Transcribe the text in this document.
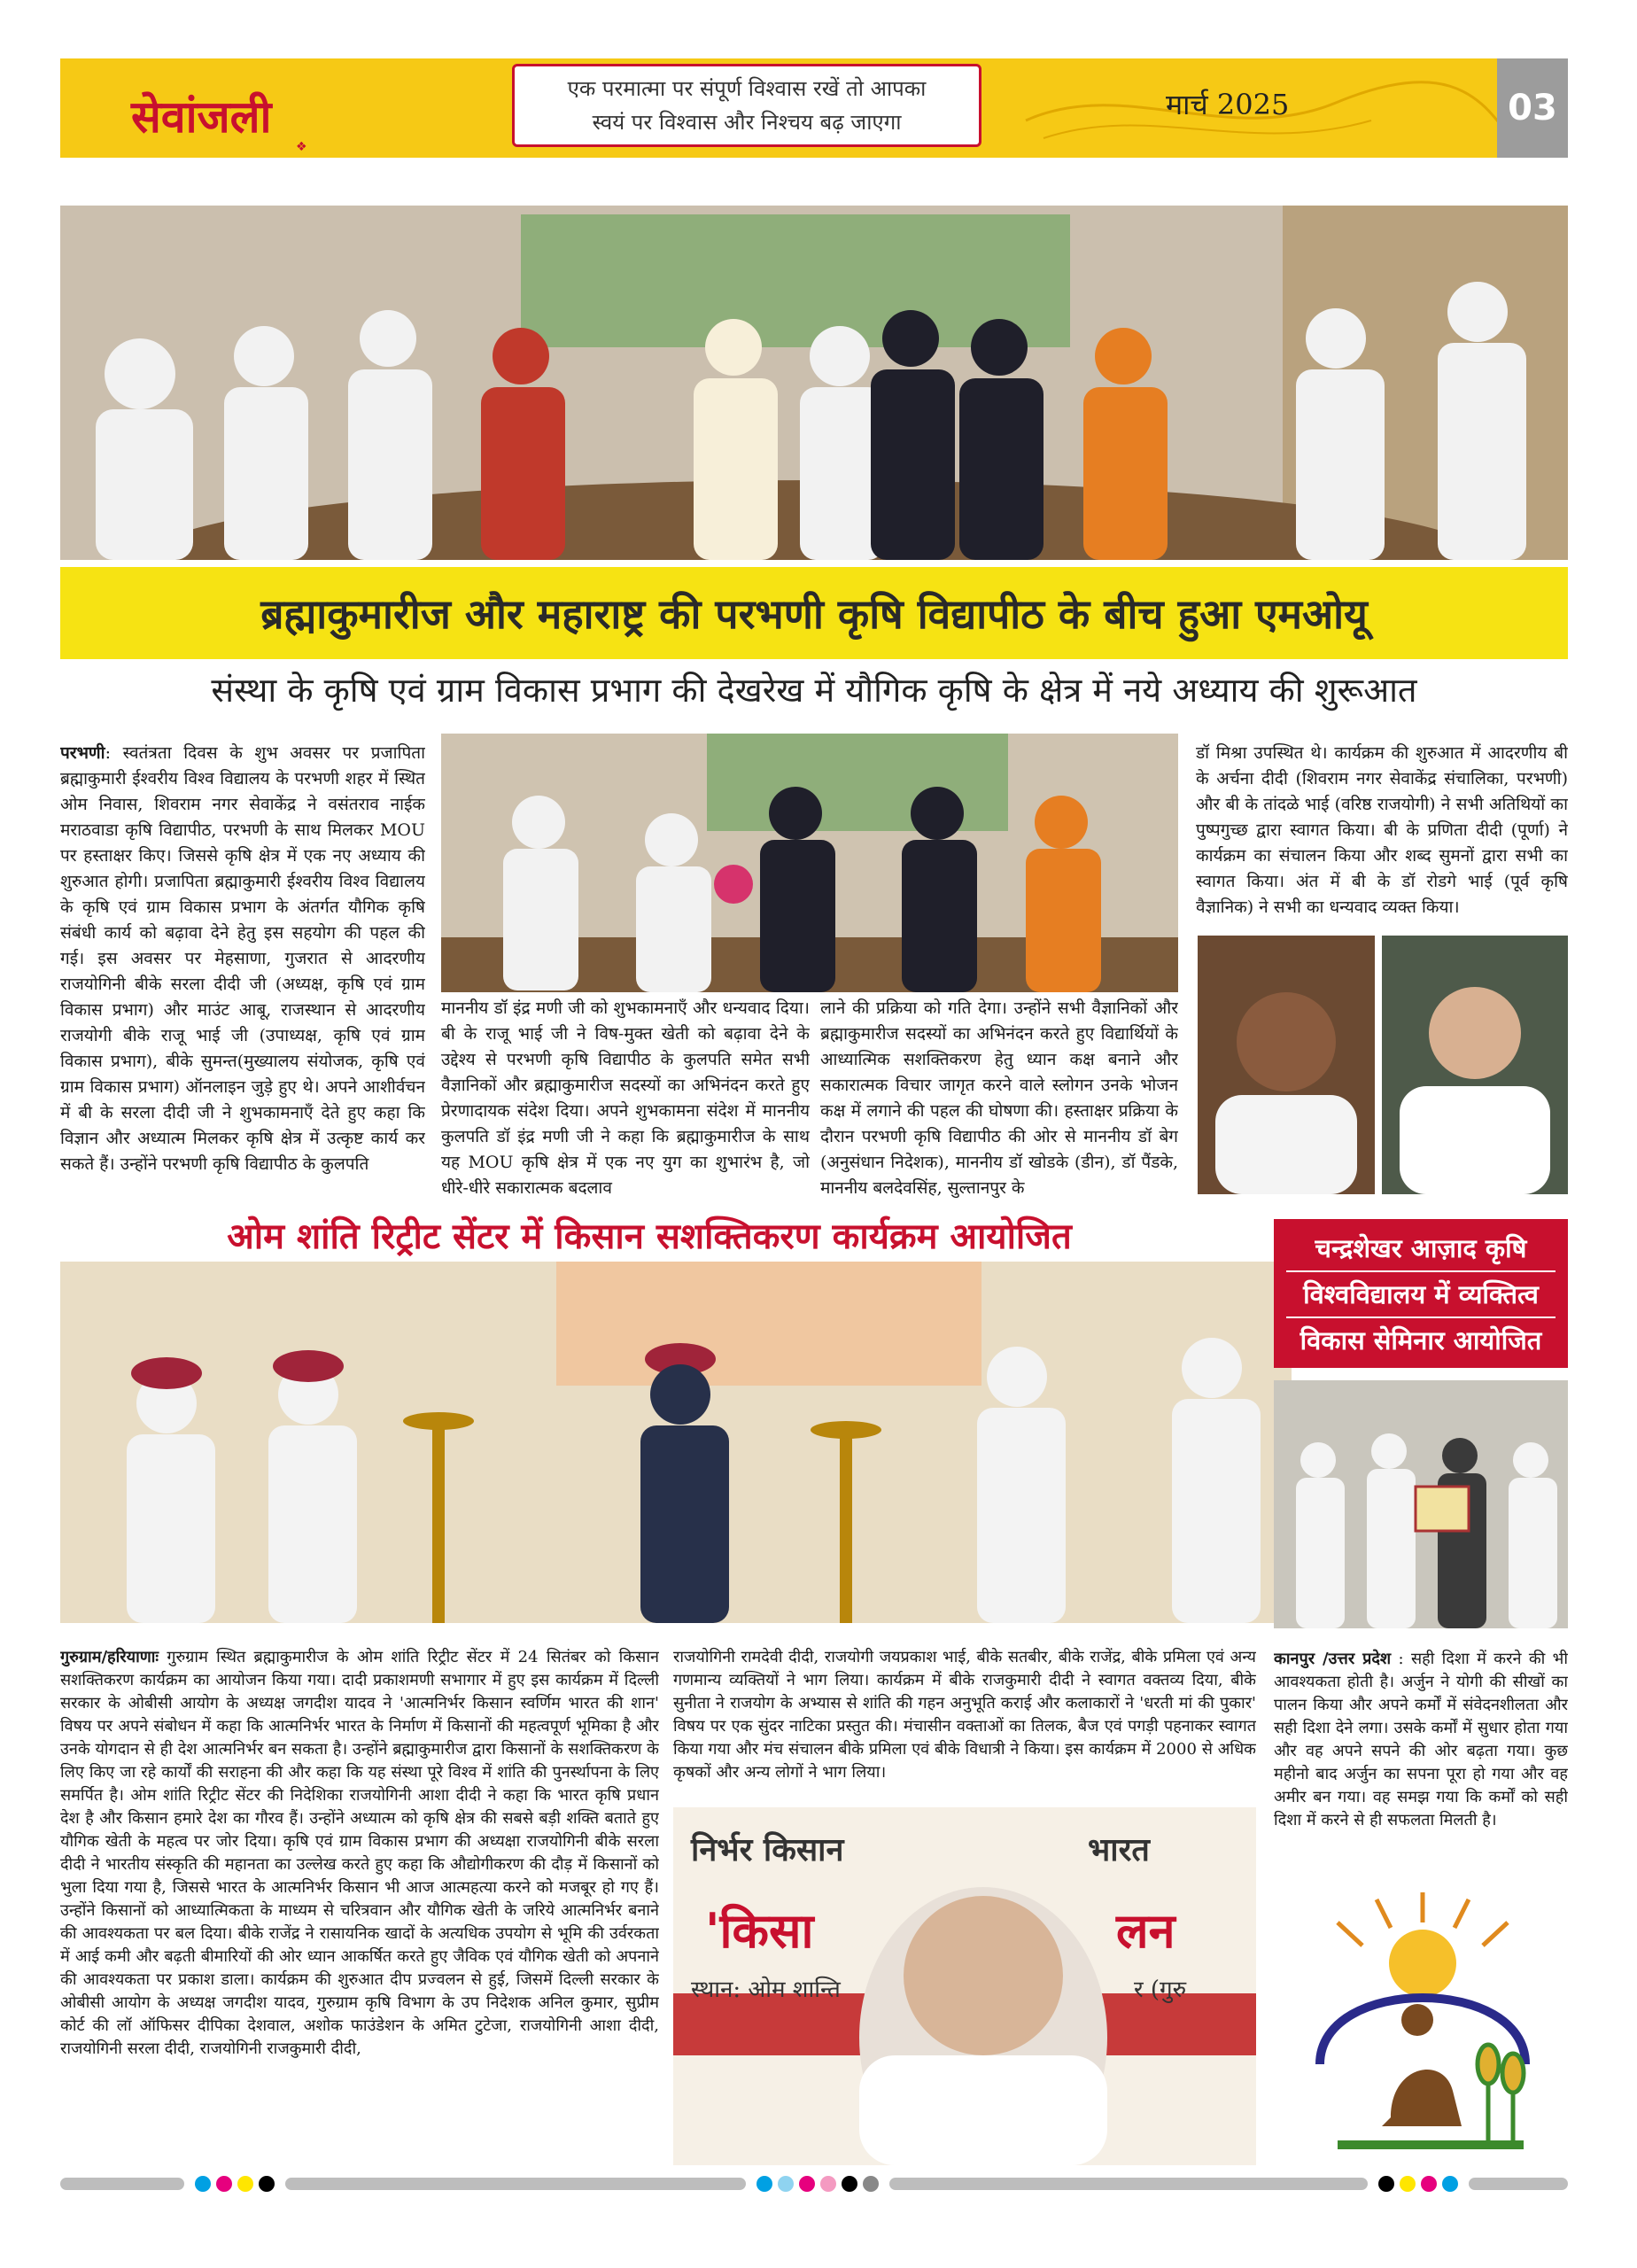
सेवांजली
❖
एक परमात्मा पर संपूर्ण विश्वास रखें तो आपका
स्वयं पर विश्वास और निश्चय बढ़ जाएगा
मार्च 2025	03
ब्रह्माकुमारीज और महाराष्ट्र की परभणी कृषि विद्यापीठ के बीच हुआ एमओयू
संस्था के कृषि एवं ग्राम विकास प्रभाग की देखरेख में यौगिक कृषि के क्षेत्र में नये अध्याय की शुरूआत
परभणी: स्वतंत्रता दिवस के शुभ अवसर पर प्रजापिता ब्रह्माकुमारी ईश्वरीय विश्व विद्यालय के परभणी शहर में स्थित ओम निवास, शिवराम नगर सेवाकेंद्र ने वसंतराव नाईक मराठवाडा कृषि विद्यापीठ, परभणी के साथ मिलकर MOU पर हस्ताक्षर किए। जिससे कृषि क्षेत्र में एक नए अध्याय की शुरुआत होगी। प्रजापिता ब्रह्माकुमारी ईश्वरीय विश्व विद्यालय के कृषि एवं ग्राम विकास प्रभाग के अंतर्गत यौगिक कृषि संबंधी कार्य को बढ़ावा देने हेतु इस सहयोग की पहल की गई। इस अवसर पर मेहसाणा, गुजरात से आदरणीय राजयोगिनी बीके सरला दीदी जी (अध्यक्ष, कृषि एवं ग्राम विकास प्रभाग) और माउंट आबू, राजस्थान से आदरणीय राजयोगी बीके राजू भाई जी (उपाध्यक्ष, कृषि एवं ग्राम विकास प्रभाग), बीके सुमन्त(मुख्यालय संयोजक, कृषि एवं ग्राम विकास प्रभाग) ऑनलाइन जुड़े हुए थे। अपने आशीर्वचन में बी के सरला दीदी जी ने शुभकामनाएँ देते हुए कहा कि विज्ञान और अध्यात्म मिलकर कृषि क्षेत्र में उत्कृष्ट कार्य कर सकते हैं। उन्होंने परभणी कृषि विद्यापीठ के कुलपति
माननीय डॉ इंद्र मणी जी को शुभकामनाएँ और धन्यवाद दिया। बी के राजू भाई जी ने विष-मुक्त खेती को बढ़ावा देने के उद्देश्य से परभणी कृषि विद्यापीठ के कुलपति समेत सभी वैज्ञानिकों और ब्रह्माकुमारीज सदस्यों का अभिनंदन करते हुए प्रेरणादायक संदेश दिया। अपने शुभकामना संदेश में माननीय कुलपति डॉ इंद्र मणी जी ने कहा कि ब्रह्माकुमारीज के साथ यह MOU कृषि क्षेत्र में एक नए युग का शुभारंभ है, जो धीरे-धीरे सकारात्मक बदलाव
लाने की प्रक्रिया को गति देगा। उन्होंने सभी वैज्ञानिकों और ब्रह्माकुमारीज सदस्यों का अभिनंदन करते हुए विद्यार्थियों के आध्यात्मिक सशक्तिकरण हेतु ध्यान कक्ष बनाने और सकारात्मक विचार जागृत करने वाले स्लोगन उनके भोजन कक्ष में लगाने की पहल की घोषणा की। हस्ताक्षर प्रक्रिया के दौरान परभणी कृषि विद्यापीठ की ओर से माननीय डॉ बेग (अनुसंधान निदेशक), माननीय डॉ खोडके (डीन), डॉ पैंडके, माननीय बलदेवसिंह, सुल्तानपुर के
डॉ मिश्रा उपस्थित थे। कार्यक्रम की शुरुआत में आदरणीय बी के अर्चना दीदी (शिवराम नगर सेवाकेंद्र संचालिका, परभणी) और बी के तांदळे भाई (वरिष्ठ राजयोगी) ने सभी अतिथियों का पुष्पगुच्छ द्वारा स्वागत किया। बी के प्रणिता दीदी (पूर्णा) ने कार्यक्रम का संचालन किया और शब्द सुमनों द्वारा सभी का स्वागत किया। अंत में बी के डॉ रोडगे भाई (पूर्व कृषि वैज्ञानिक) ने सभी का धन्यवाद व्यक्त किया।
ओम शांति रिट्रीट सेंटर में किसान सशक्तिकरण कार्यक्रम आयोजित
गुरुग्राम/हरियाणाः गुरुग्राम स्थित ब्रह्माकुमारीज के ओम शांति रिट्रीट सेंटर में 24 सितंबर को किसान सशक्तिकरण कार्यक्रम का आयोजन किया गया। दादी प्रकाशमणी सभागार में हुए इस कार्यक्रम में दिल्ली सरकार के ओबीसी आयोग के अध्यक्ष जगदीश यादव ने 'आत्मनिर्भर किसान स्वर्णिम भारत की शान' विषय पर अपने संबोधन में कहा कि आत्मनिर्भर भारत के निर्माण में किसानों की महत्वपूर्ण भूमिका है और उनके योगदान से ही देश आत्मनिर्भर बन सकता है। उन्होंने ब्रह्माकुमारीज द्वारा किसानों के सशक्तिकरण के लिए किए जा रहे कार्यों की सराहना की और कहा कि यह संस्था पूरे विश्व में शांति की पुनर्स्थापना के लिए समर्पित है। ओम शांति रिट्रीट सेंटर की निदेशिका राजयोगिनी आशा दीदी ने कहा कि भारत कृषि प्रधान देश है और किसान हमारे देश का गौरव हैं। उन्होंने अध्यात्म को कृषि क्षेत्र की सबसे बड़ी शक्ति बताते हुए यौगिक खेती के महत्व पर जोर दिया। कृषि एवं ग्राम विकास प्रभाग की अध्यक्षा राजयोगिनी बीके सरला दीदी ने भारतीय संस्कृति की महानता का उल्लेख करते हुए कहा कि औद्योगीकरण की दौड़ में किसानों को भुला दिया गया है, जिससे भारत के आत्मनिर्भर किसान भी आज आत्महत्या करने को मजबूर हो गए हैं।उन्होंने किसानों को आध्यात्मिकता के माध्यम से चरित्रवान और यौगिक खेती के जरिये आत्मनिर्भर बनाने की आवश्यकता पर बल दिया। बीके राजेंद्र ने रासायनिक खादों के अत्यधिक उपयोग से भूमि की उर्वरकता में आई कमी और बढ़ती बीमारियों की ओर ध्यान आकर्षित करते हुए जैविक एवं यौगिक खेती को अपनाने की आवश्यकता पर प्रकाश डाला। कार्यक्रम की शुरुआत दीप प्रज्वलन से हुई, जिसमें दिल्ली सरकार के ओबीसी आयोग के अध्यक्ष जगदीश यादव, गुरुग्राम कृषि विभाग के उप निदेशक अनिल कुमार, सुप्रीम कोर्ट की लॉ ऑफिसर दीपिका देशवाल, अशोक फाउंडेशन के अमित टुटेजा, राजयोगिनी आशा दीदी, राजयोगिनी सरला दीदी, राजयोगिनी राजकुमारी दीदी,
राजयोगिनी रामदेवी दीदी, राजयोगी जयप्रकाश भाई, बीके सतबीर, बीके राजेंद्र, बीके प्रमिला एवं अन्य गणमान्य व्यक्तियों ने भाग लिया। कार्यक्रम में बीके राजकुमारी दीदी ने स्वागत वक्तव्य दिया, बीके सुनीता ने राजयोग के अभ्यास से शांति की गहन अनुभूति कराई और कलाकारों ने 'धरती मां की पुकार' विषय पर एक सुंदर नाटिका प्रस्तुत की। मंचासीन वक्ताओं का तिलक, बैज एवं पगड़ी पहनाकर स्वागत किया गया और मंच संचालन बीके प्रमिला एवं बीके विधात्री ने किया। इस कार्यक्रम में 2000 से अधिक कृषकों और अन्य लोगों ने भाग लिया।
निर्भर किसान	भारत
'किसा	लन
स्थान: ओम शान्ति	र (गुरु
चन्द्रशेखर आज़ाद कृषि
विश्वविद्यालय में व्यक्तित्व
विकास सेमिनार आयोजित
कानपुर /उत्तर प्रदेश : सही दिशा में करने की भी आवश्यकता होती है। अर्जुन ने योगी की सीखों का पालन किया और अपने कर्मों में संवेदनशीलता और सही दिशा देने लगा। उसके कर्मों में सुधार होता गया और वह अपने सपने की ओर बढ़ता गया। कुछ महीनो बाद अर्जुन का सपना पूरा हो गया और वह अमीर बन गया। वह समझ गया कि कर्मों को सही दिशा में करने से ही सफलता मिलती है।
